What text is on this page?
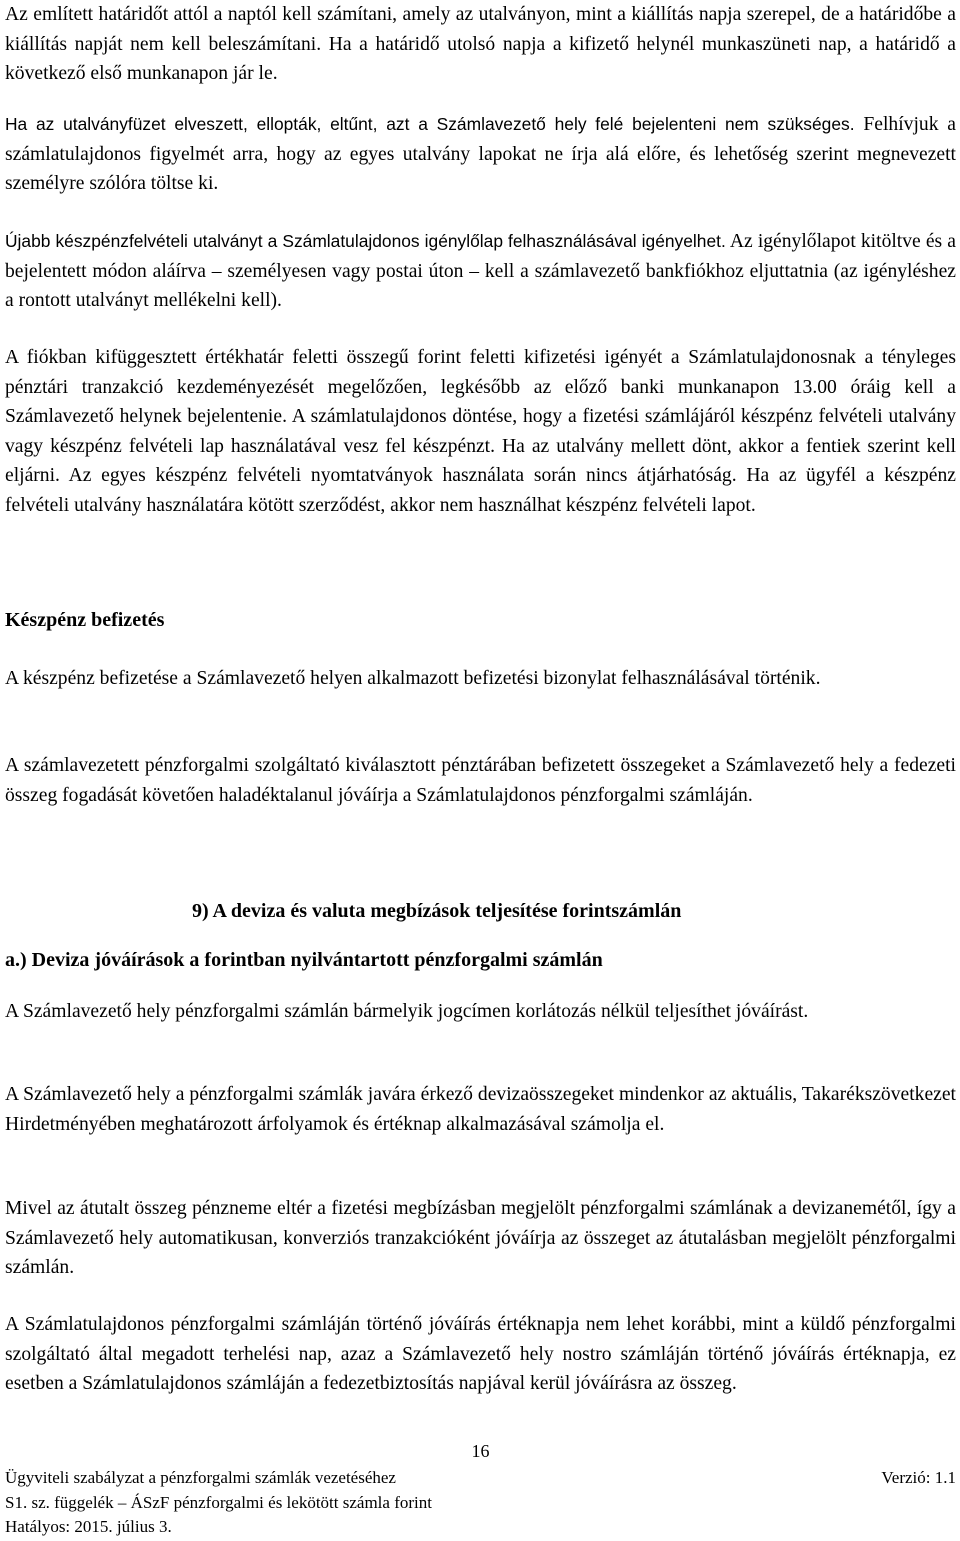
Az említett határidőt attól a naptól kell számítani, amely az utalványon, mint a kiállítás napja szerepel, de a határidőbe a kiállítás napját nem kell beleszámítani. Ha a határidő utolsó napja a kifizető helynél munkaszüneti nap, a határidő a következő első munkanapon jár le.

Ha az utalványfüzet elveszett, ellopták, eltűnt, azt a Számlavezető hely felé bejelenteni nem szükséges. Felhívjuk a számlatulajdonos figyelmét arra, hogy az egyes utalvány lapokat ne írja alá előre, és lehetőség szerint megnevezett személyre szólóra töltse ki.

Újabb készpénzfelvételi utalványt a Számlatulajdonos igénylőlap felhasználásával igényelhet. Az igénylőlapot kitöltve és a bejelentett módon aláírva – személyesen vagy postai úton – kell a számlavezető bankfiókhoz eljuttatnia (az igényléshez a rontott utalványt mellékelni kell).

A fiókban kifüggesztett értékhatár feletti összegű forint feletti kifizetési igényét a Számlatulajdonosnak a tényleges pénztári tranzakció kezdeményezését megelőzően, legkésőbb az előző banki munkanapon 13.00 óráig kell a Számlavezető helynek bejelentenie. A számlatulajdonos döntése, hogy a fizetési számlájáról készpénz felvételi utalvány vagy készpénz felvételi lap használatával vesz fel készpénzt. Ha az utalvány mellett dönt, akkor a fentiek szerint kell eljárni. Az egyes készpénz felvételi nyomtatványok használata során nincs átjárhatóság. Ha az ügyfél a készpénz felvételi utalvány használatára kötött szerződést, akkor nem használhat készpénz felvételi lapot.

Készpénz befizetés

A készpénz befizetése a Számlavezető helyen alkalmazott befizetési bizonylat felhasználásával történik.

A számlavezetett pénzforgalmi szolgáltató kiválasztott pénztárában befizetett összegeket a Számlavezető hely a fedezeti összeg fogadását követően haladéktalanul jóváírja a Számlatulajdonos pénzforgalmi számláján.

9) A deviza és valuta megbízások teljesítése forintszámlán
a.) Deviza jóváírások a forintban nyilvántartott pénzforgalmi számlán

A Számlavezető hely pénzforgalmi számlán bármelyik jogcímen korlátozás nélkül teljesíthet jóváírást.

A Számlavezető hely a pénzforgalmi számlák javára érkező devizaösszegeket mindenkor az aktuális, Takarékszövetkezet Hirdetményében meghatározott árfolyamok és értéknap alkalmazásával számolja el.

Mivel az átutalt összeg pénzneme eltér a fizetési megbízásban megjelölt pénzforgalmi számlának a devizanemétől, így a Számlavezető hely automatikusan, konverziós tranzakcióként jóváírja az összeget az átutalásban megjelölt pénzforgalmi számlán.

A Számlatulajdonos pénzforgalmi számláján történő jóváírás értéknapja nem lehet korábbi, mint a küldő pénzforgalmi szolgáltató által megadott terhelési nap, azaz a Számlavezető hely nostro számláján történő jóváírás értéknapja, ez esetben a Számlatulajdonos számláján a fedezetbiztosítás napjával kerül jóváírásra az összeg.

16
Ügyviteli szabályzat a pénzforgalmi számlák vezetéséhez	Verzió: 1.1
S1. sz. függelék – ÁSzF pénzforgalmi és lekötött számla forint
Hatályos: 2015. július 3.
